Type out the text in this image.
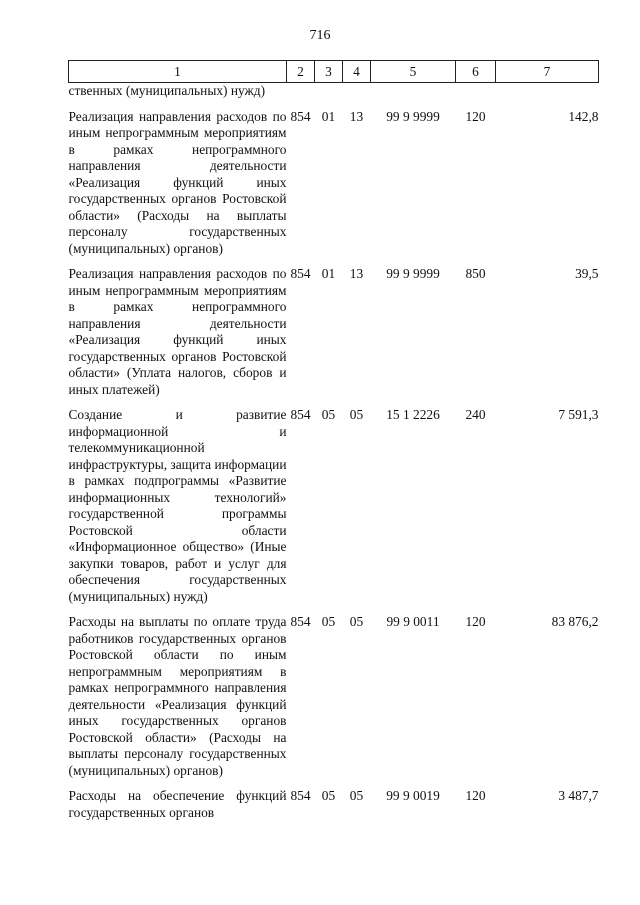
716
1	2	3	4	5	6	7
ственных (муниципальных) нужд)						
Реализация направления расходов по иным непрограммным мероприятиям в рамках непрограммного направления деятельности «Реализация функций иных государственных органов Ростовской области» (Расходы на выплаты персоналу государственных (муниципальных) органов)	854	01	13	99 9 9999	120	142,8
Реализация направления расходов по иным непрограммным мероприятиям в рамках непрограммного направления деятельности «Реализация функций иных государственных органов Ростовской области» (Уплата налогов, сборов и иных платежей)	854	01	13	99 9 9999	850	39,5
Создание и развитие информационной и телекоммуникационной инфраструктуры, защита информации в рамках подпрограммы «Развитие информационных технологий» государственной программы Ростовской области «Информационное общество» (Иные закупки товаров, работ и услуг для обеспечения государственных (муниципальных) нужд)	854	05	05	15 1 2226	240	7 591,3
Расходы на выплаты по оплате труда работников государственных органов Ростовской области по иным непрограммным мероприятиям в рамках непрограммного направления деятельности «Реализация функций иных государственных органов Ростовской области» (Расходы на выплаты персоналу государственных (муниципальных) органов)	854	05	05	99 9 0011	120	83 876,2
Расходы на обеспечение функций государственных органов	854	05	05	99 9 0019	120	3 487,7
